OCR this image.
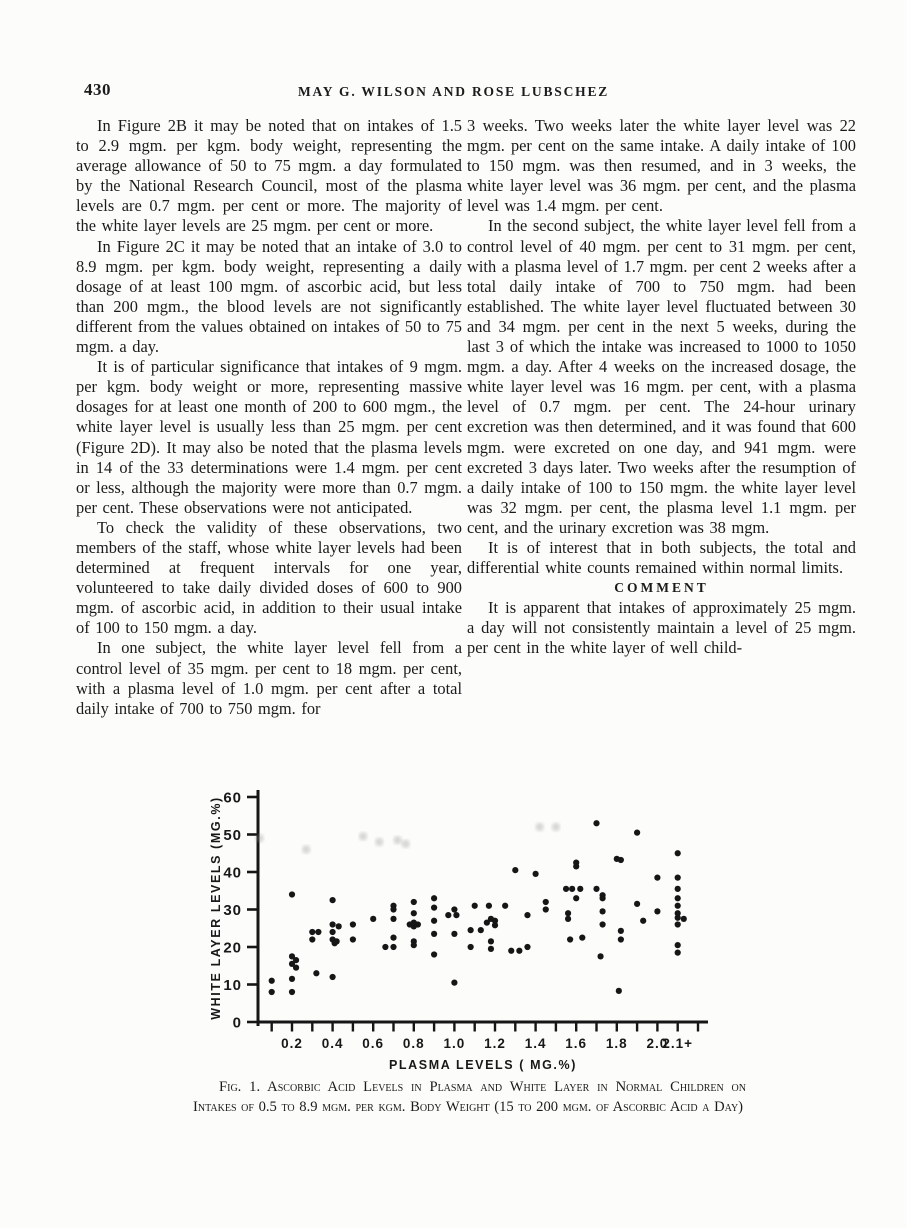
430	MAY G. WILSON AND ROSE LUBSCHEZ

In Figure 2B it may be noted that on intakes of 1.5 to 2.9 mgm. per kgm. body weight, representing the average allowance of 50 to 75 mgm. a day formulated by the National Research Council, most of the plasma levels are 0.7 mgm. per cent or more. The majority of the white layer levels are 25 mgm. per cent or more.

In Figure 2C it may be noted that an intake of 3.0 to 8.9 mgm. per kgm. body weight, representing a daily dosage of at least 100 mgm. of ascorbic acid, but less than 200 mgm., the blood levels are not significantly different from the values obtained on intakes of 50 to 75 mgm. a day.

It is of particular significance that intakes of 9 mgm. per kgm. body weight or more, representing massive dosages for at least one month of 200 to 600 mgm., the white layer level is usually less than 25 mgm. per cent (Figure 2D). It may also be noted that the plasma levels in 14 of the 33 determinations were 1.4 mgm. per cent or less, although the majority were more than 0.7 mgm. per cent. These observations were not anticipated.

To check the validity of these observations, two members of the staff, whose white layer levels had been determined at frequent intervals for one year, volunteered to take daily divided doses of 600 to 900 mgm. of ascorbic acid, in addition to their usual intake of 100 to 150 mgm. a day.

In one subject, the white layer level fell from a control level of 35 mgm. per cent to 18 mgm. per cent, with a plasma level of 1.0 mgm. per cent after a total daily intake of 700 to 750 mgm. for

3 weeks. Two weeks later the white layer level was 22 mgm. per cent on the same intake. A daily intake of 100 to 150 mgm. was then resumed, and in 3 weeks, the white layer level was 36 mgm. per cent, and the plasma level was 1.4 mgm. per cent.

In the second subject, the white layer level fell from a control level of 40 mgm. per cent to 31 mgm. per cent, with a plasma level of 1.7 mgm. per cent 2 weeks after a total daily intake of 700 to 750 mgm. had been established. The white layer level fluctuated between 30 and 34 mgm. per cent in the next 5 weeks, during the last 3 of which the intake was increased to 1000 to 1050 mgm. a day. After 4 weeks on the increased dosage, the white layer level was 16 mgm. per cent, with a plasma level of 0.7 mgm. per cent. The 24-hour urinary excretion was then determined, and it was found that 600 mgm. were excreted on one day, and 941 mgm. were excreted 3 days later. Two weeks after the resumption of a daily intake of 100 to 150 mgm. the white layer level was 32 mgm. per cent, the plasma level 1.1 mgm. per cent, and the urinary excretion was 38 mgm.

It is of interest that in both subjects, the total and differential white counts remained within normal limits.

COMMENT

It is apparent that intakes of approximately 25 mgm. a day will not consistently maintain a level of 25 mgm. per cent in the white layer of well child-

0
10
20
30
40
50
60
0.2 0.4 0.6 0.8 1.0 1.2 1.4 1.6 1.8 2.0
2.1+
PLASMA LEVELS ( MG.%)
WHITE LAYER LEVELS (MG.%)
Fig. 1. Ascorbic Acid Levels in Plasma and White Layer in Normal Children on Intakes of 0.5 to 8.9 mgm. per kgm. Body Weight (15 to 200 mgm. of Ascorbic Acid a Day)
